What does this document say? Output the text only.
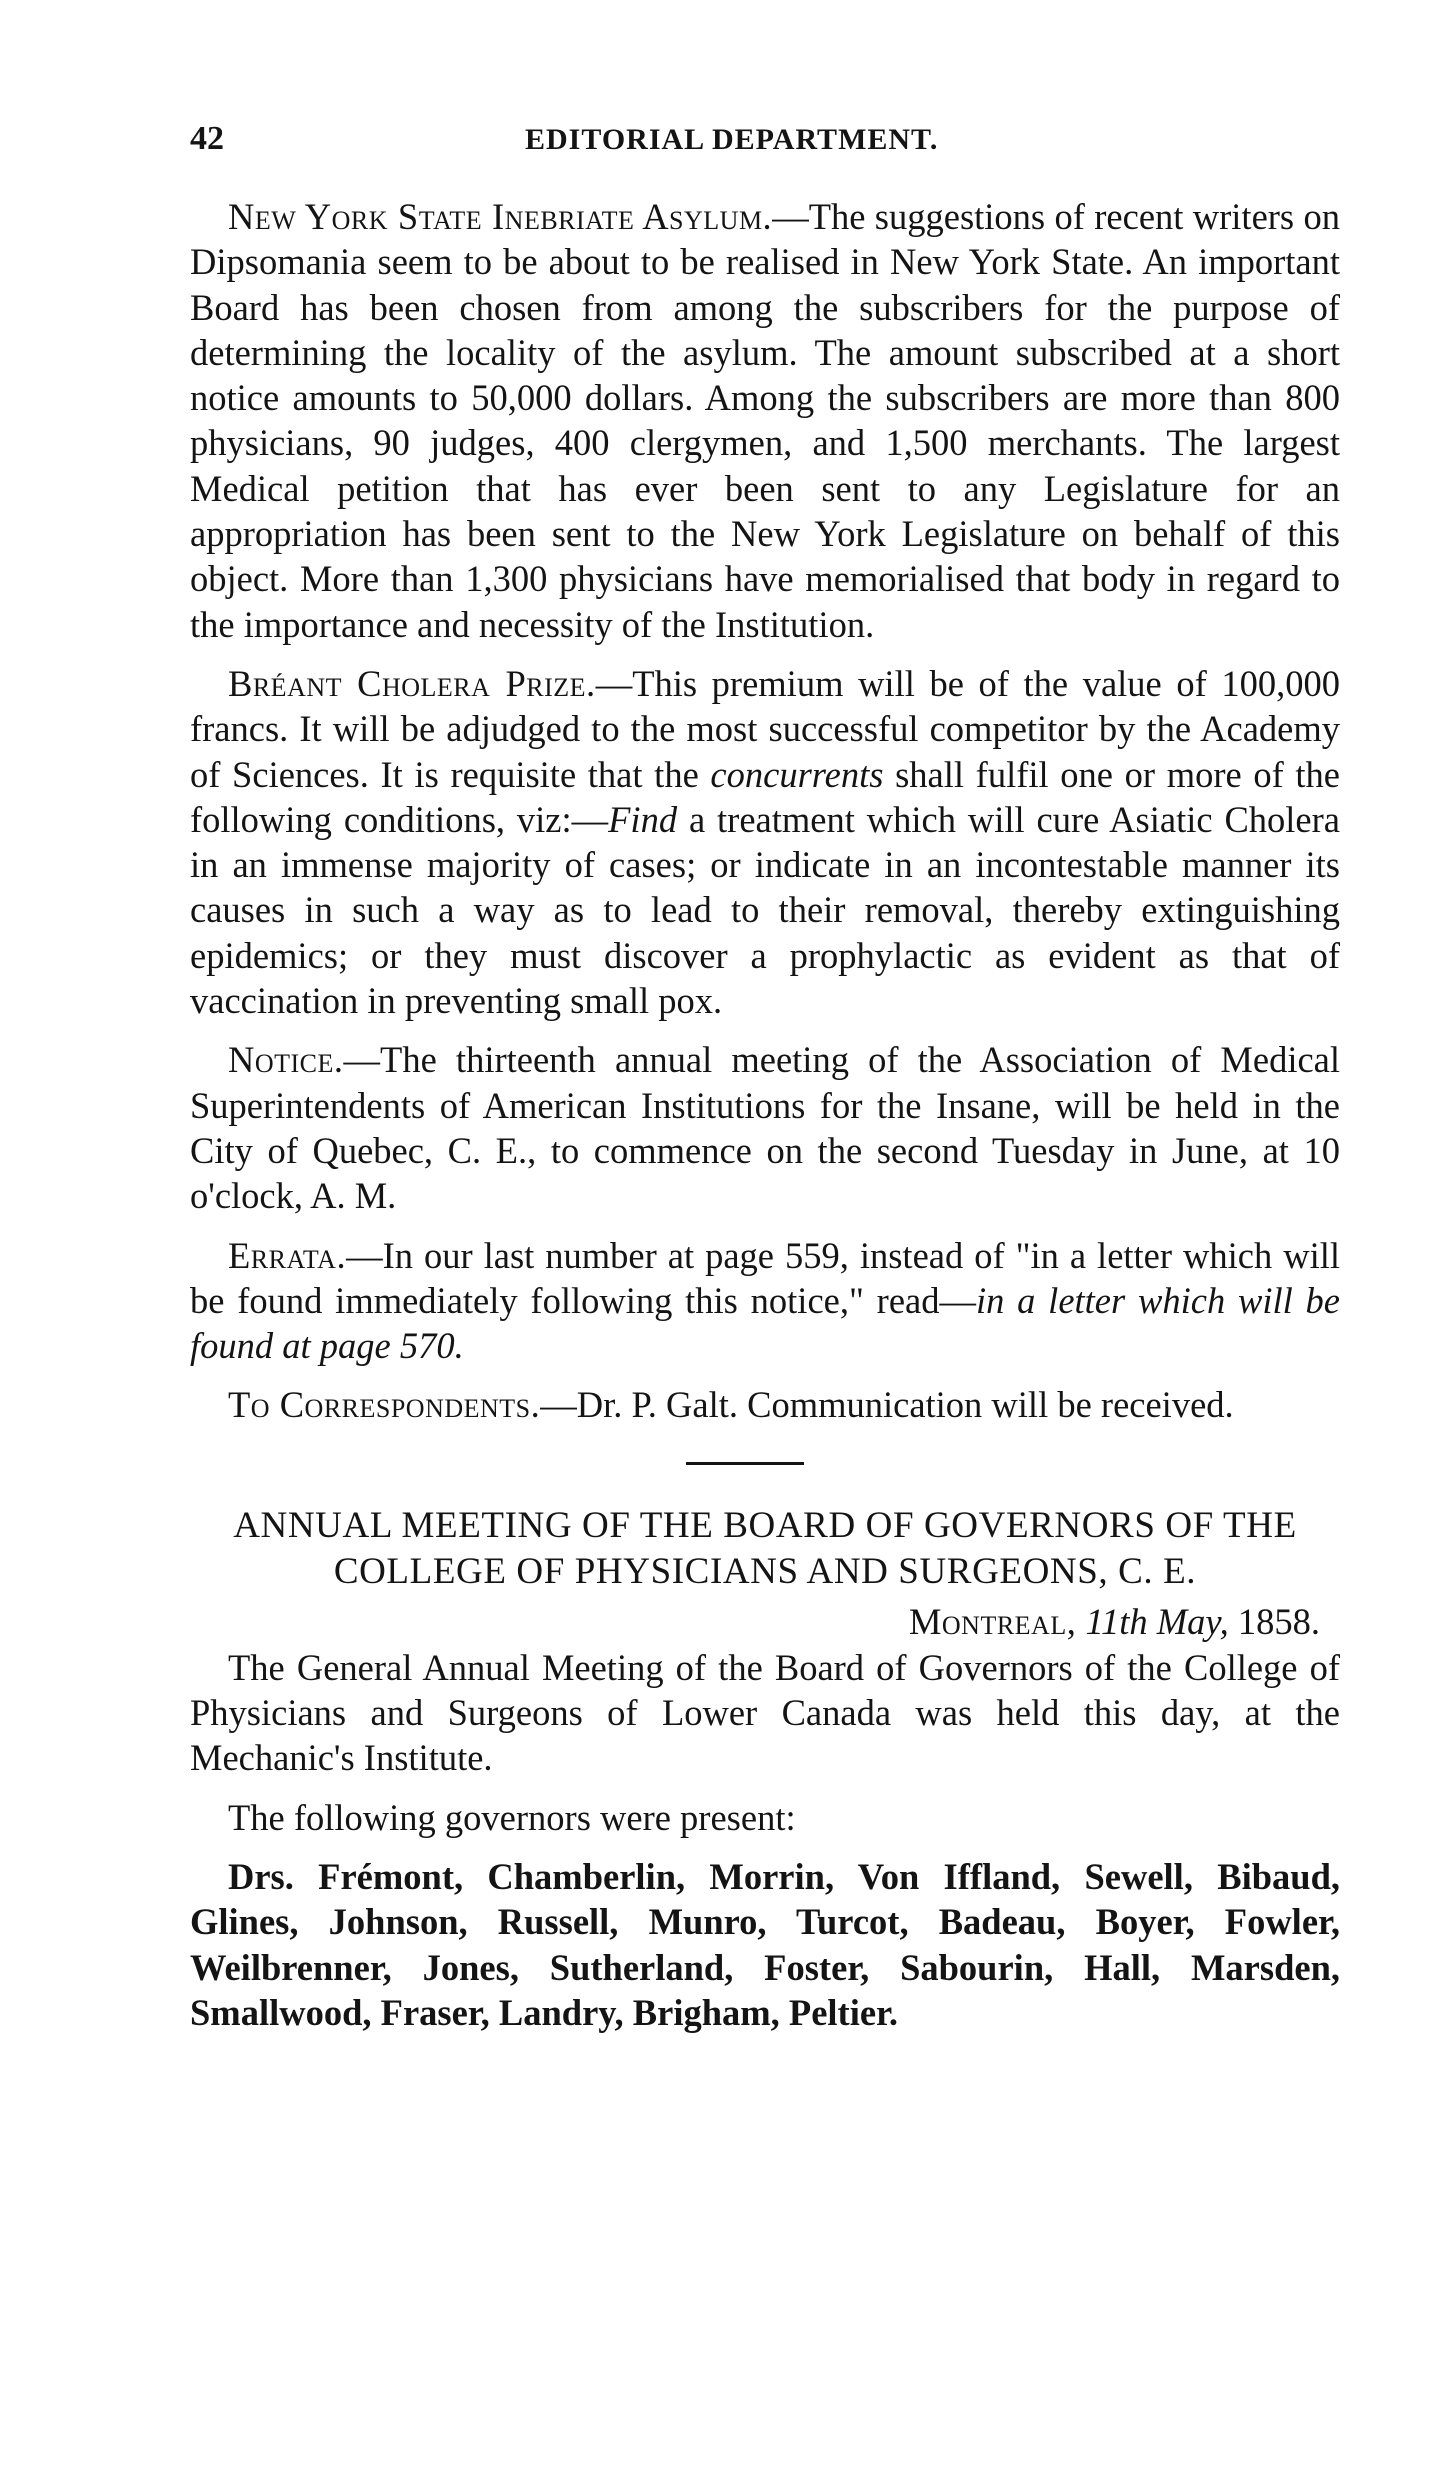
42	EDITORIAL DEPARTMENT.

New York State Inebriate Asylum.—The suggestions of recent writers on Dipsomania seem to be about to be realised in New York State. An important Board has been chosen from among the subscribers for the purpose of determining the locality of the asylum. The amount subscribed at a short notice amounts to 50,000 dollars. Among the subscribers are more than 800 physicians, 90 judges, 400 clergymen, and 1,500 merchants. The largest Medical petition that has ever been sent to any Legislature for an appropriation has been sent to the New York Legislature on behalf of this object. More than 1,300 physicians have memorialised that body in regard to the importance and necessity of the Institution.

Bréant Cholera Prize.—This premium will be of the value of 100,000 francs. It will be adjudged to the most successful competitor by the Academy of Sciences. It is requisite that the concurrents shall fulfil one or more of the following conditions, viz:—Find a treatment which will cure Asiatic Cholera in an immense majority of cases; or indicate in an incontestable manner its causes in such a way as to lead to their removal, thereby extinguishing epidemics; or they must discover a prophylactic as evident as that of vaccination in preventing small pox.

Notice.—The thirteenth annual meeting of the Association of Medical Superintendents of American Institutions for the Insane, will be held in the City of Quebec, C. E., to commence on the second Tuesday in June, at 10 o'clock, A. M.

Errata.—In our last number at page 559, instead of "in a letter which will be found immediately following this notice," read—in a letter which will be found at page 570.

To Correspondents.—Dr. P. Galt. Communication will be received.

ANNUAL MEETING OF THE BOARD OF GOVERNORS OF THE
COLLEGE OF PHYSICIANS AND SURGEONS, C. E.
Montreal, 11th May, 1858.

The General Annual Meeting of the Board of Governors of the College of Physicians and Surgeons of Lower Canada was held this day, at the Mechanic's Institute.

The following governors were present:

Drs. Frémont, Chamberlin, Morrin, Von Iffland, Sewell, Bibaud, Glines, Johnson, Russell, Munro, Turcot, Badeau, Boyer, Fowler, Weilbrenner, Jones, Sutherland, Foster, Sabourin, Hall, Marsden, Smallwood, Fraser, Landry, Brigham, Peltier.
